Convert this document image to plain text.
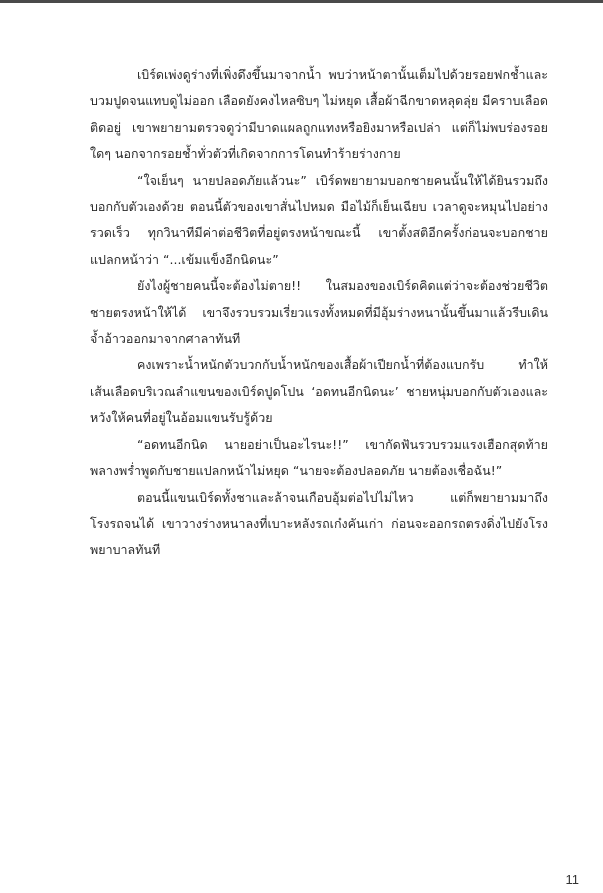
เบิร์ดเพ่งดูร่างที่เพิ่งดึงขึ้นมาจากน้ำ พบว่าหน้าตานั้นเต็มไปด้วยรอยฟกช้ำและบวมปูดจนแทบดูไม่ออก เลือดยังคงไหลซิบๆ ไม่หยุด เสื้อผ้าฉีกขาดหลุดลุ่ย มีคราบเลือดติดอยู่ เขาพยายามตรวจดูว่ามีบาดแผลถูกแทงหรือยิงมาหรือเปล่า แต่ก็ไม่พบร่องรอยใดๆ นอกจากรอยช้ำทั่วตัวที่เกิดจากการโดนทำร้ายร่างกาย

“ใจเย็นๆ นายปลอดภัยแล้วนะ” เบิร์ดพยายามบอกชายคนนั้นให้ได้ยินรวมถึงบอกกับตัวเองด้วย ตอนนี้ตัวของเขาสั่นไปหมด มือไม้ก็เย็นเฉียบ เวลาดูจะหมุนไปอย่างรวดเร็ว ทุกวินาทีมีค่าต่อชีวิตที่อยู่ตรงหน้าขณะนี้ เขาตั้งสติอีกครั้งก่อนจะบอกชายแปลกหน้าว่า “...เข้มแข็งอีกนิดนะ”

ยังไงผู้ชายคนนี้จะต้องไม่ตาย!! ในสมองของเบิร์ดคิดแต่ว่าจะต้องช่วยชีวิตชายตรงหน้าให้ได้ เขาจึงรวบรวมเรี่ยวแรงทั้งหมดที่มีอุ้มร่างหนานั้นขึ้นมาแล้วรีบเดินจ้ำอ้าวออกมาจากศาลาทันที

คงเพราะน้ำหนักตัวบวกกับน้ำหนักของเสื้อผ้าเปียกน้ำที่ต้องแบกรับ ทำให้เส้นเลือดบริเวณลำแขนของเบิร์ดปูดโปน ‘อดทนอีกนิดนะ’ ชายหนุ่มบอกกับตัวเองและหวังให้คนที่อยู่ในอ้อมแขนรับรู้ด้วย

“อดทนอีกนิด นายอย่าเป็นอะไรนะ!!” เขากัดฟันรวบรวมแรงเฮือกสุดท้าย พลางพร่ำพูดกับชายแปลกหน้าไม่หยุด “นายจะต้องปลอดภัย นายต้องเชื่อฉัน!”

ตอนนี้แขนเบิร์ดทั้งชาและล้าจนเกือบอุ้มต่อไปไม่ไหว แต่ก็พยายามมาถึงโรงรถจนได้ เขาวางร่างหนาลงที่เบาะหลังรถเก๋งคันเก่า ก่อนจะออกรถตรงดิ่งไปยังโรงพยาบาลทันที

11
